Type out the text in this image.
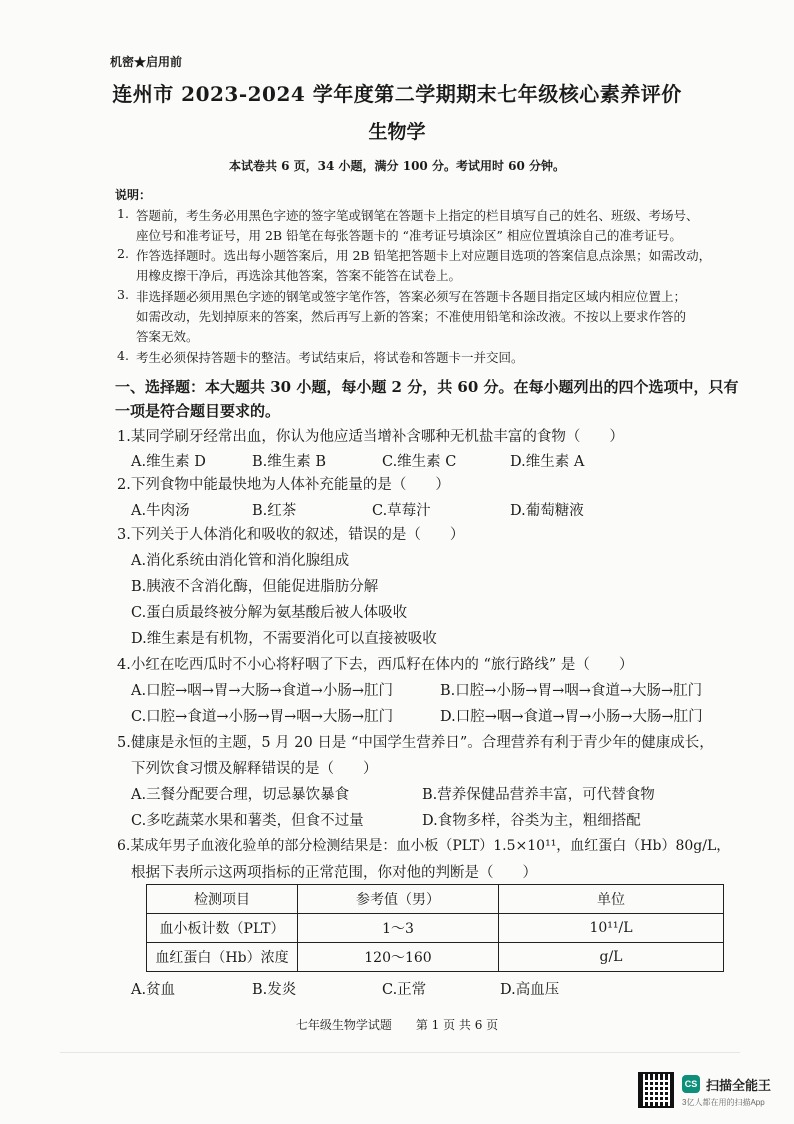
机密★启用前
连州市 2023-2024 学年度第二学期期末七年级核心素养评价
生物学
本试卷共 6 页，34 小题，满分 100 分。考试用时 60 分钟。
说明：
1. 答题前，考生务必用黑色字迹的签字笔或钢笔在答题卡上指定的栏目填写自己的姓名、班级、考场号、
座位号和准考证号，用 2B 铅笔在每张答题卡的 “准考证号填涂区” 相应位置填涂自己的准考证号。
2. 作答选择题时。选出每小题答案后，用 2B 铅笔把答题卡上对应题目选项的答案信息点涂黑；如需改动，
用橡皮擦干净后，再选涂其他答案，答案不能答在试卷上。
3. 非选择题必须用黑色字迹的钢笔或签字笔作答，答案必须写在答题卡各题目指定区域内相应位置上；
如需改动，先划掉原来的答案，然后再写上新的答案；不准使用铅笔和涂改液。不按以上要求作答的
答案无效。
4. 考生必须保持答题卡的整洁。考试结束后，将试卷和答题卡一并交回。
一、选择题：本大题共 30 小题，每小题 2 分，共 60 分。在每小题列出的四个选项中，只有
一项是符合题目要求的。
1.某同学刷牙经常出血，你认为他应适当增补含哪种无机盐丰富的食物（　　）
A.维生素 D	B.维生素 B	C.维生素 C	D.维生素 A
2.下列食物中能最快地为人体补充能量的是（　　）
A.牛肉汤	B.红茶	C.草莓汁	D.葡萄糖液
3.下列关于人体消化和吸收的叙述，错误的是（　　）
A.消化系统由消化管和消化腺组成
B.胰液不含消化酶，但能促进脂肪分解
C.蛋白质最终被分解为氨基酸后被人体吸收
D.维生素是有机物，不需要消化可以直接被吸收
4.小红在吃西瓜时不小心将籽咽了下去，西瓜籽在体内的 “旅行路线” 是（　　）
A.口腔→咽→胃→大肠→食道→小肠→肛门	B.口腔→小肠→胃→咽→食道→大肠→肛门
C.口腔→食道→小肠→胃→咽→大肠→肛门	D.口腔→咽→食道→胃→小肠→大肠→肛门
5.健康是永恒的主题，5 月 20 日是 “中国学生营养日”。合理营养有利于青少年的健康成长，
下列饮食习惯及解释错误的是（　　）
A.三餐分配要合理，切忌暴饮暴食	B.营养保健品营养丰富，可代替食物
C.多吃蔬菜水果和薯类，但食不过量	D.食物多样，谷类为主，粗细搭配
6.某成年男子血液化验单的部分检测结果是：血小板（PLT）1.5×10¹¹，血红蛋白（Hb）80g/L，
根据下表所示这两项指标的正常范围，你对他的判断是（　　）
检测项目	参考值（男）	单位
血小板计数（PLT）	1～3	10¹¹/L
血红蛋白（Hb）浓度	120～160	g/L
A.贫血	B.发炎	C.正常	D.高血压
七年级生物学试题　　第 1 页 共 6 页
CS 扫描全能王
3亿人都在用的扫描App
